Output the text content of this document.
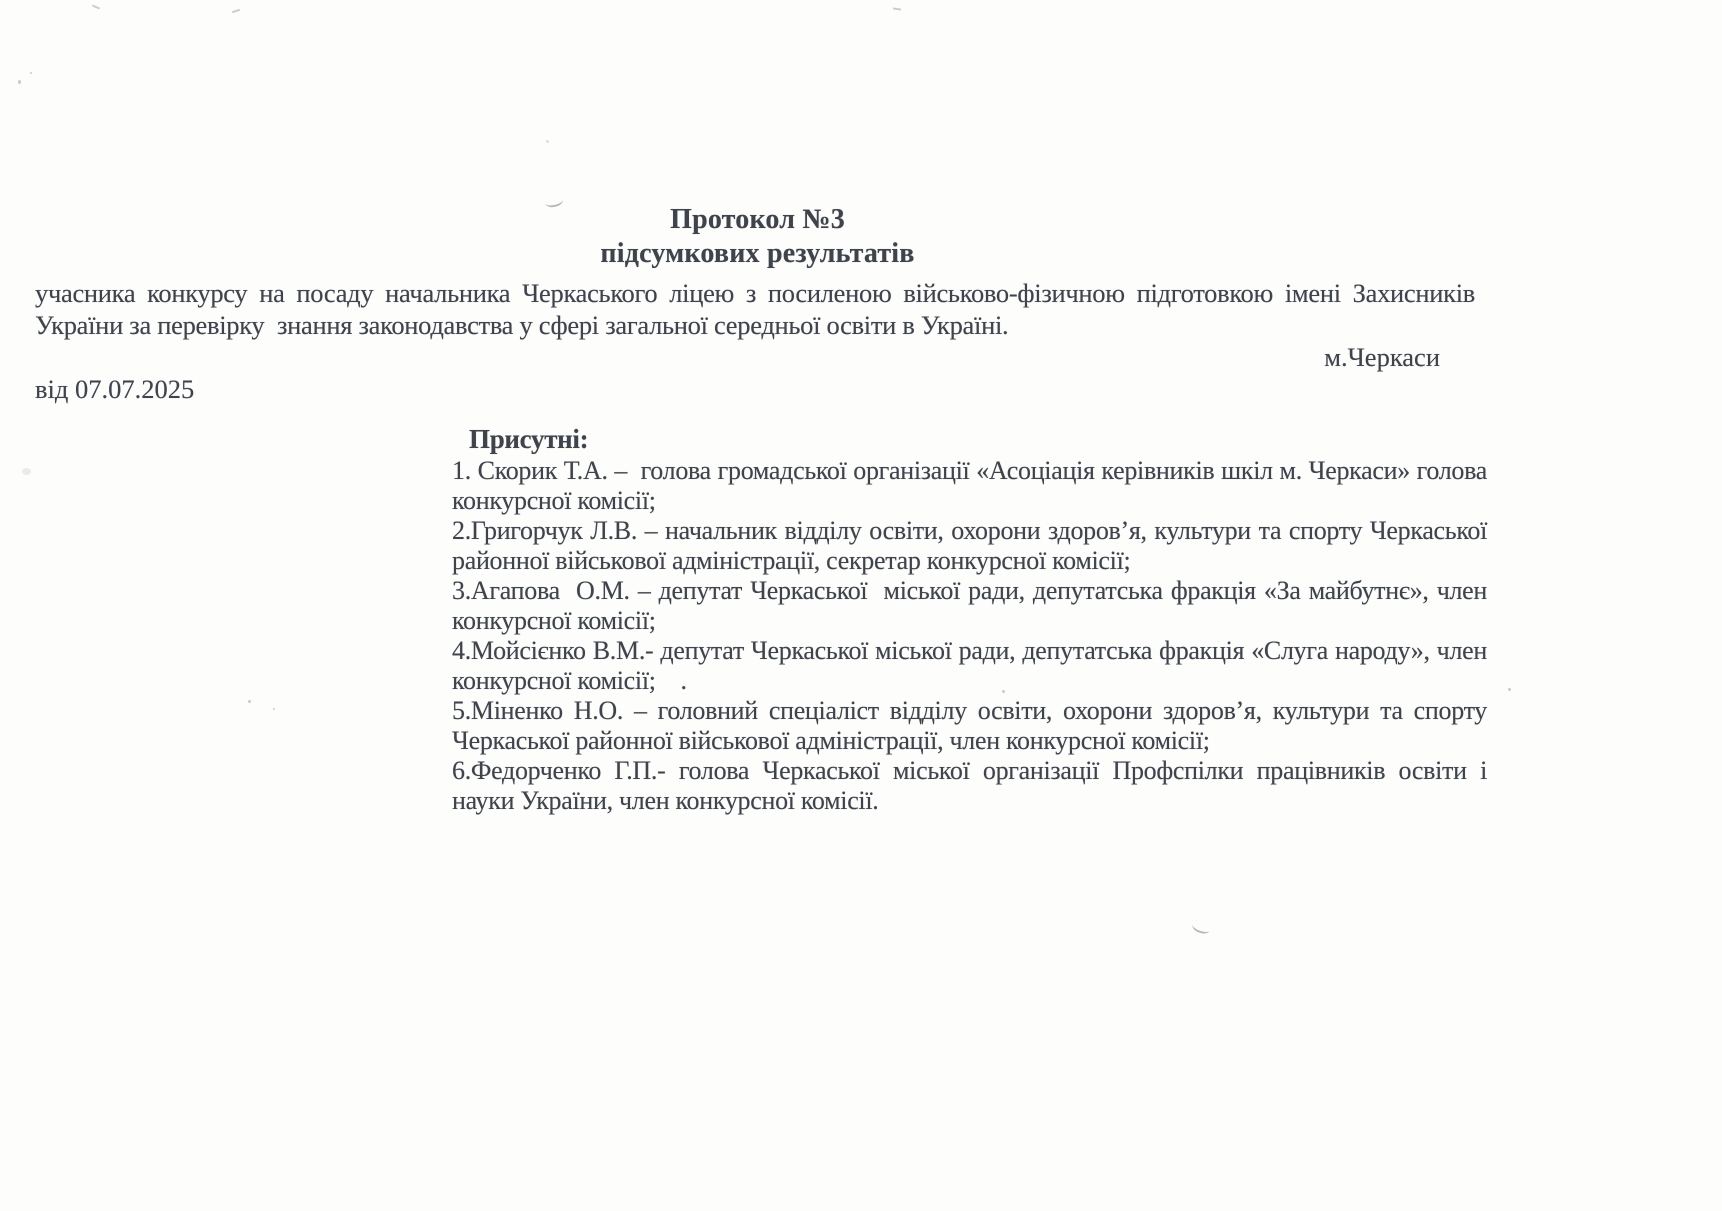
Протокол №3
підсумкових результатів

учасника конкурсу на посаду начальника Черкаського ліцею з посиленою військово-фізичною підготовкою імені Захисників України за перевірку  знання законодавства у сфері загальної середньої освіти в Україні.

м.Черкаси
від 07.07.2025
Присутні:

1. Скорик Т.А. –  голова громадської організації «Асоціація керівників шкіл м. Черкаси» голова конкурсної комісії;

2.Григорчук Л.В. – начальник відділу освіти, охорони здоров’я, культури та спорту Черкаської районної військової адміністрації, секретар конкурсної комісії;

3.Агапова  О.М. – депутат Черкаської  міської ради, депутатська фракція «За майбутнє», член конкурсної комісії;

4.Мойсієнко В.М.- депутат Черкаської міської ради, депутатська фракція «Слуга народу», член конкурсної комісії;    .

5.Міненко Н.О. – головний спеціаліст відділу освіти, охорони здоров’я, культури та спорту Черкаської районної військової адміністрації, член конкурсної комісії;

6.Федорченко Г.П.- голова Черкаської міської організації Профспілки працівників освіти і науки України, член конкурсної комісії.
